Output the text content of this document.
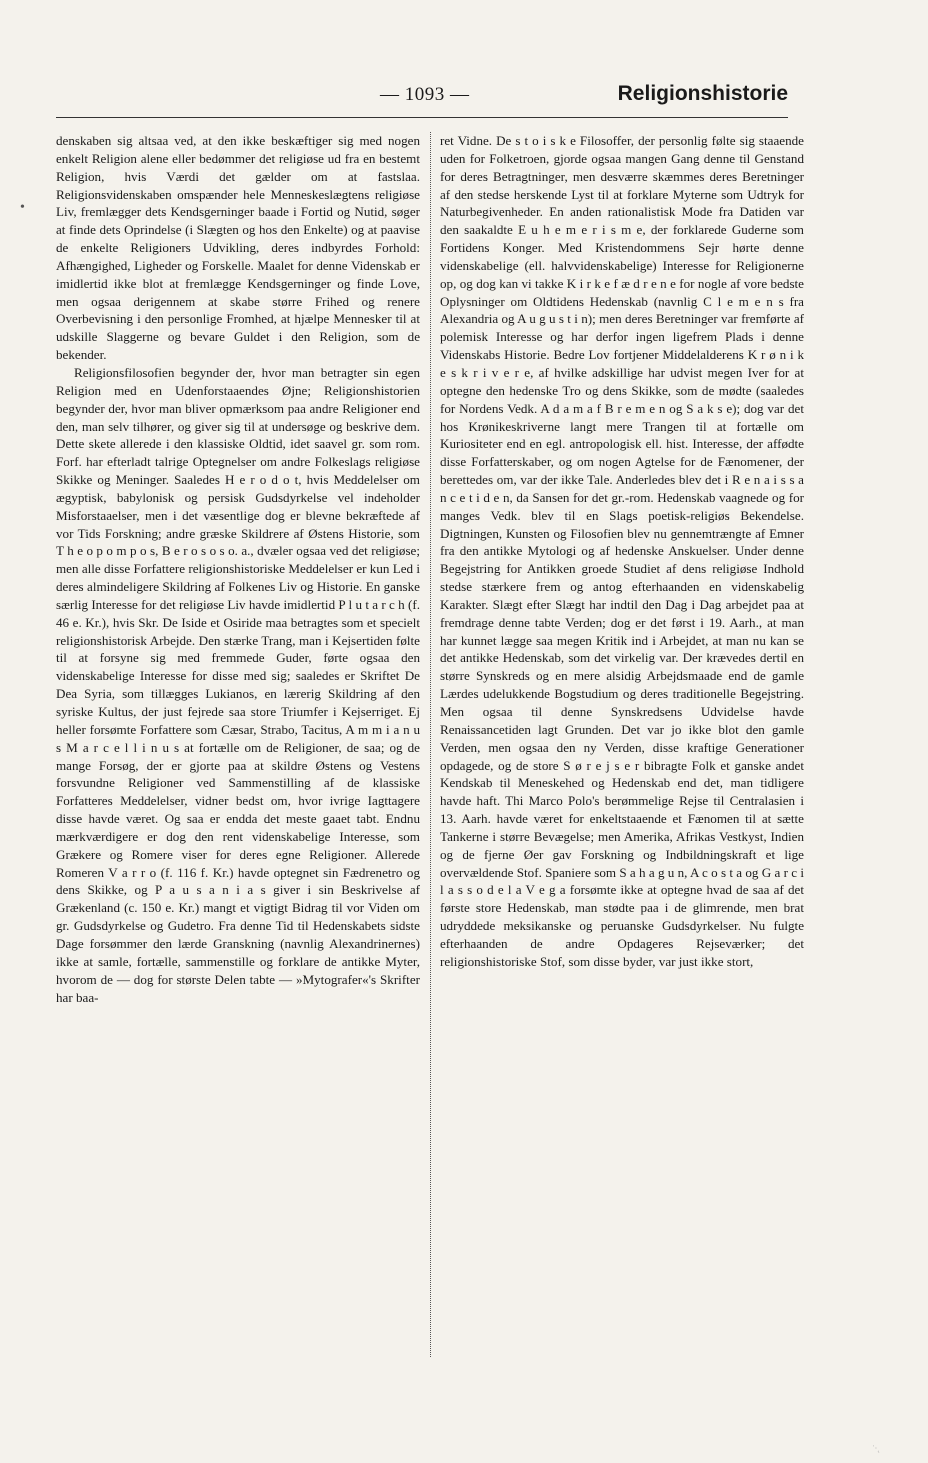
— 1093 —	Religionshistorie
•

denskaben sig altsaa ved, at den ikke beskæftiger sig med nogen enkelt Religion alene eller bedømmer det religiøse ud fra en bestemt Religion, hvis Værdi det gælder om at fastslaa. Religionsvidenskaben omspænder hele Menneskeslægtens religiøse Liv, fremlægger dets Kendsgerninger baade i Fortid og Nutid, søger at finde dets Oprindelse (i Slægten og hos den Enkelte) og at paavise de enkelte Religioners Udvikling, deres indbyrdes Forhold: Afhængighed, Ligheder og Forskelle. Maalet for denne Videnskab er imidlertid ikke blot at fremlægge Kendsgerninger og finde Love, men ogsaa derigennem at skabe større Frihed og renere Overbevisning i den personlige Fromhed, at hjælpe Mennesker til at udskille Slaggerne og bevare Guldet i den Religion, som de bekender.

Religionsfilosofien begynder der, hvor man betragter sin egen Religion med en Udenforstaaendes Øjne; Religionshistorien begynder der, hvor man bliver opmærksom paa andre Religioner end den, man selv tilhører, og giver sig til at undersøge og beskrive dem. Dette skete allerede i den klassiske Oldtid, idet saavel gr. som rom. Forf. har efterladt talrige Optegnelser om andre Folkeslags religiøse Skikke og Meninger. Saaledes H e r o d o t, hvis Meddelelser om ægyptisk, babylonisk og persisk Gudsdyrkelse vel indeholder Misforstaaelser, men i det væsentlige dog er blevne bekræftede af vor Tids Forskning; andre græske Skildrere af Østens Historie, som T h e o p o m p o s, B e r o s o s o. a., dvæler ogsaa ved det religiøse; men alle disse Forfattere religionshistoriske Meddelelser er kun Led i deres almindeligere Skildring af Folkenes Liv og Historie. En ganske særlig Interesse for det religiøse Liv havde imidlertid P l u t a r c h (f. 46 e. Kr.), hvis Skr. De Iside et Osiride maa betragtes som et specielt religionshistorisk Arbejde. Den stærke Trang, man i Kejsertiden følte til at forsyne sig med fremmede Guder, førte ogsaa den videnskabelige Interesse for disse med sig; saaledes er Skriftet De Dea Syria, som tillægges Lukianos, en lærerig Skildring af den syriske Kultus, der just fejrede saa store Triumfer i Kejserriget. Ej heller forsømte Forfattere som Cæsar, Strabo, Tacitus, A m m i a n u s M a r c e l l i n u s at fortælle om de Religioner, de saa; og de mange Forsøg, der er gjorte paa at skildre Østens og Vestens forsvundne Religioner ved Sammenstilling af de klassiske Forfatteres Meddelelser, vidner bedst om, hvor ivrige Iagttagere disse havde været. Og saa er endda det meste gaaet tabt. Endnu mærkværdigere er dog den rent videnskabelige Interesse, som Grækere og Romere viser for deres egne Religioner. Allerede Romeren V a r r o (f. 116 f. Kr.) havde optegnet sin Fædrenetro og dens Skikke, og P a u s a n i a s giver i sin Beskrivelse af Grækenland (c. 150 e. Kr.) mangt et vigtigt Bidrag til vor Viden om gr. Gudsdyrkelse og Gudetro. Fra denne Tid til Hedenskabets sidste Dage forsømmer den lærde Granskning (navnlig Alexandrinernes) ikke at samle, fortælle, sammenstille og forklare de antikke Myter, hvorom de — dog for største Delen tabte — »Mytografer«'s Skrifter har baa-

ret Vidne. De s t o i s k e Filosoffer, der personlig følte sig staaende uden for Folketroen, gjorde ogsaa mangen Gang denne til Genstand for deres Betragtninger, men desværre skæmmes deres Beretninger af den stedse herskende Lyst til at forklare Myterne som Udtryk for Naturbegivenheder. En anden rationalistisk Mode fra Datiden var den saakaldte E u h e m e r i s m e, der forklarede Guderne som Fortidens Konger. Med Kristendommens Sejr hørte denne videnskabelige (ell. halvvidenskabelige) Interesse for Religionerne op, og dog kan vi takke K i r k e f æ d r e n e for nogle af vore bedste Oplysninger om Oldtidens Hedenskab (navnlig C l e m e n s fra Alexandria og A u g u s t i n); men deres Beretninger var fremførte af polemisk Interesse og har derfor ingen ligefrem Plads i denne Videnskabs Historie. Bedre Lov fortjener Middelalderens K r ø n i k e s k r i v e r e, af hvilke adskillige har udvist megen Iver for at optegne den hedenske Tro og dens Skikke, som de mødte (saaledes for Nordens Vedk. A d a m a f B r e m e n og S a k s e); dog var det hos Krønikeskriverne langt mere Trangen til at fortælle om Kuriositeter end en egl. antropologisk ell. hist. Interesse, der affødte disse Forfatterskaber, og om nogen Agtelse for de Fænomener, der berettedes om, var der ikke Tale. Anderledes blev det i R e n a i s s a n c e t i d e n, da Sansen for det gr.-rom. Hedenskab vaagnede og for manges Vedk. blev til en Slags poetisk-religiøs Bekendelse. Digtningen, Kunsten og Filosofien blev nu gennemtrængte af Emner fra den antikke Mytologi og af hedenske Anskuelser. Under denne Begejstring for Antikken groede Studiet af dens religiøse Indhold stedse stærkere frem og antog efterhaanden en videnskabelig Karakter. Slægt efter Slægt har indtil den Dag i Dag arbejdet paa at fremdrage denne tabte Verden; dog er det først i 19. Aarh., at man har kunnet lægge saa megen Kritik ind i Arbejdet, at man nu kan se det antikke Hedenskab, som det virkelig var. Der krævedes dertil en større Synskreds og en mere alsidig Arbejdsmaade end de gamle Lærdes udelukkende Bogstudium og deres traditionelle Begejstring. Men ogsaa til denne Synskredsens Udvidelse havde Renaissancetiden lagt Grunden. Det var jo ikke blot den gamle Verden, men ogsaa den ny Verden, disse kraftige Generationer opdagede, og de store S ø r e j s e r bibragte Folk et ganske andet Kendskab til Meneskehed og Hedenskab end det, man tidligere havde haft. Thi Marco Polo's berømmelige Rejse til Centralasien i 13. Aarh. havde været for enkeltstaaende et Fænomen til at sætte Tankerne i større Bevægelse; men Amerika, Afrikas Vestkyst, Indien og de fjerne Øer gav Forskning og Indbildningskraft et lige overvældende Stof. Spaniere som S a h a g u n, A c o s t a og G a r c i l a s s o d e l a V e g a forsømte ikke at optegne hvad de saa af det første store Hedenskab, man stødte paa i de glimrende, men brat udryddede meksikanske og peruanske Gudsdyrkelser. Nu fulgte efterhaanden de andre Opdageres Rejseværker; det religionshistoriske Stof, som disse byder, var just ikke stort,

ˈ·˛
